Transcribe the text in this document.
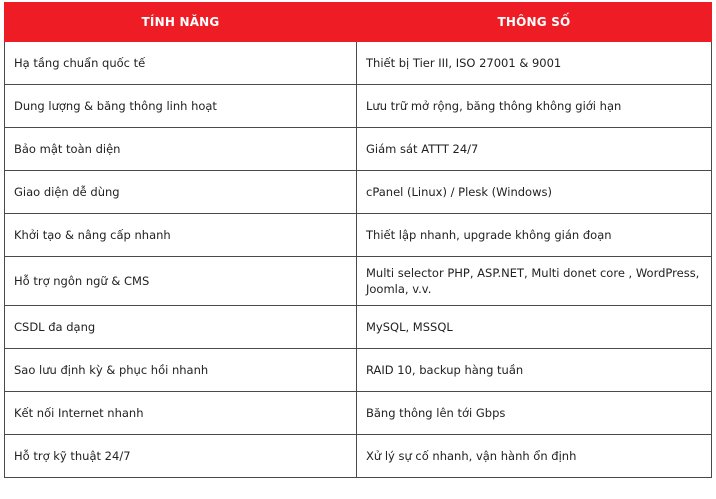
TÍNH NĂNG	THÔNG SỐ
Hạ tầng chuẩn quốc tế	Thiết bị Tier III, ISO 27001 & 9001
Dung lượng & băng thông linh hoạt	Lưu trữ mở rộng, băng thông không giới hạn
Bảo mật toàn diện	Giám sát ATTT 24/7
Giao diện dễ dùng	cPanel (Linux) / Plesk (Windows)
Khởi tạo & nâng cấp nhanh	Thiết lập nhanh, upgrade không gián đoạn
Hỗ trợ ngôn ngữ & CMS	Multi selector PHP, ASP.NET, Multi donet core , WordPress, Joomla, v.v.
CSDL đa dạng	MySQL, MSSQL
Sao lưu định kỳ & phục hồi nhanh	RAID 10, backup hàng tuần
Kết nối Internet nhanh	Băng thông lên tới Gbps
Hỗ trợ kỹ thuật 24/7	Xử lý sự cố nhanh, vận hành ổn định
